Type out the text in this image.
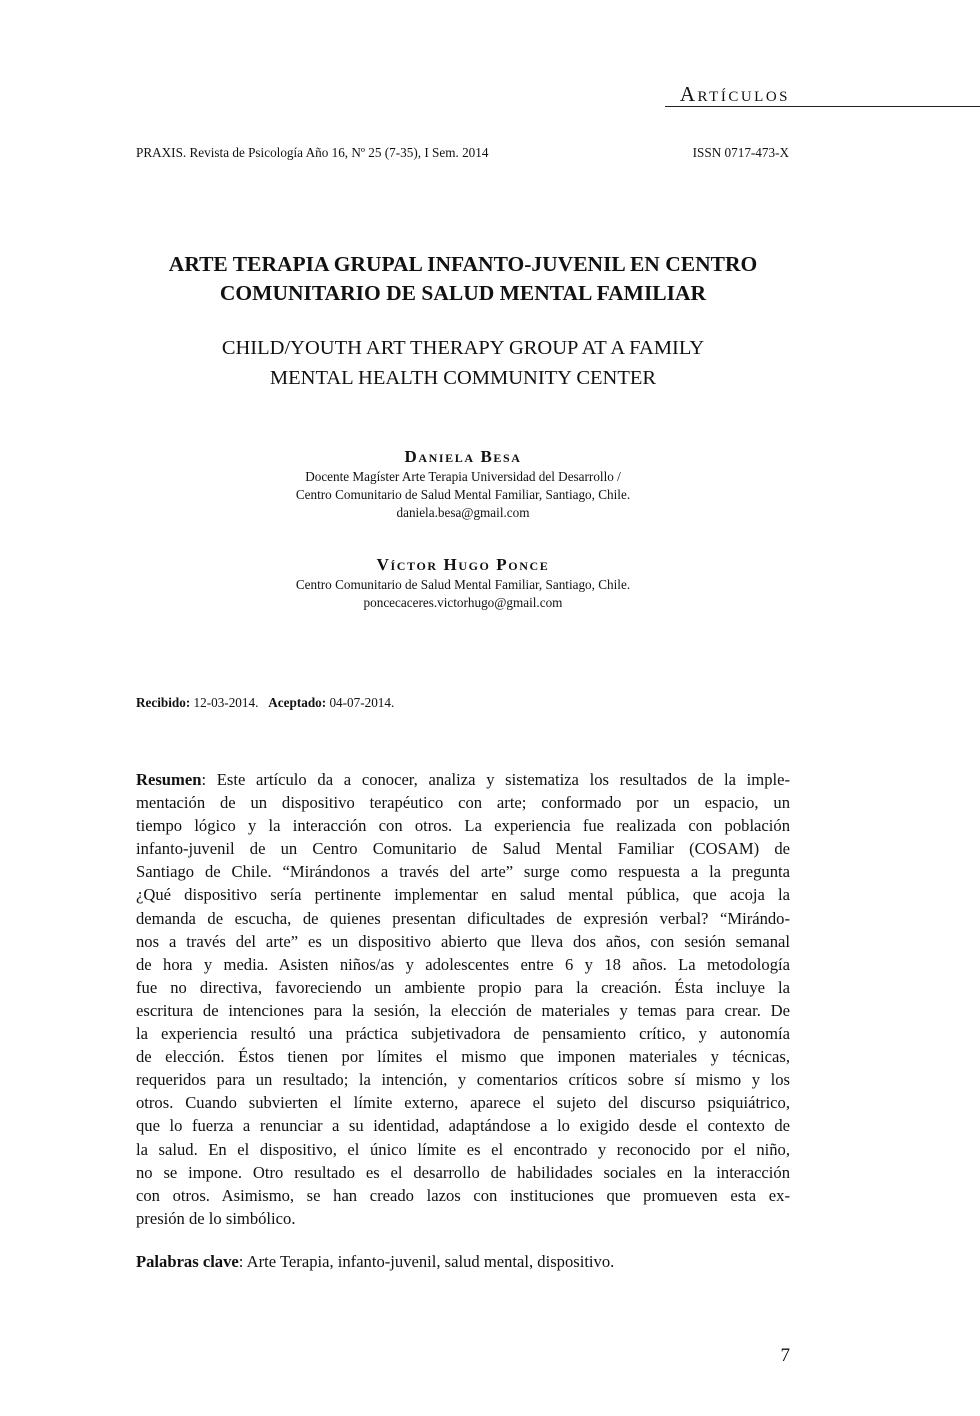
Artículos
PRAXIS. Revista de Psicología Año 16, Nº 25 (7-35), I Sem. 2014	ISSN 0717-473-X
ARTE TERAPIA GRUPAL INFANTO-JUVENIL EN CENTRO
COMUNITARIO DE SALUD MENTAL FAMILIAR
CHILD/YOUTH ART THERAPY GROUP AT A FAMILY
MENTAL HEALTH COMMUNITY CENTER
Daniela Besa
Docente Magíster Arte Terapia Universidad del Desarrollo /
Centro Comunitario de Salud Mental Familiar, Santiago, Chile.
daniela.besa@gmail.com
Víctor Hugo Ponce
Centro Comunitario de Salud Mental Familiar, Santiago, Chile.
poncecaceres.victorhugo@gmail.com
Recibido: 12-03-2014. Aceptado: 04-07-2014.
Resumen: Este artículo da a conocer, analiza y sistematiza los resultados de la imple-
mentación de un dispositivo terapéutico con arte; conformado por un espacio, un
tiempo lógico y la interacción con otros. La experiencia fue realizada con población
infanto-juvenil de un Centro Comunitario de Salud Mental Familiar (COSAM) de
Santiago de Chile. “Mirándonos a través del arte” surge como respuesta a la pregunta
¿Qué dispositivo sería pertinente implementar en salud mental pública, que acoja la
demanda de escucha, de quienes presentan dificultades de expresión verbal? “Mirándo-
nos a través del arte” es un dispositivo abierto que lleva dos años, con sesión semanal
de hora y media. Asisten niños/as y adolescentes entre 6 y 18 años. La metodología
fue no directiva, favoreciendo un ambiente propio para la creación. Ésta incluye la
escritura de intenciones para la sesión, la elección de materiales y temas para crear. De
la experiencia resultó una práctica subjetivadora de pensamiento crítico, y autonomía
de elección. Éstos tienen por límites el mismo que imponen materiales y técnicas,
requeridos para un resultado; la intención, y comentarios críticos sobre sí mismo y los
otros. Cuando subvierten el límite externo, aparece el sujeto del discurso psiquiátrico,
que lo fuerza a renunciar a su identidad, adaptándose a lo exigido desde el contexto de
la salud. En el dispositivo, el único límite es el encontrado y reconocido por el niño,
no se impone. Otro resultado es el desarrollo de habilidades sociales en la interacción
con otros. Asimismo, se han creado lazos con instituciones que promueven esta ex-
presión de lo simbólico.
Palabras clave: Arte Terapia, infanto-juvenil, salud mental, dispositivo.
7
